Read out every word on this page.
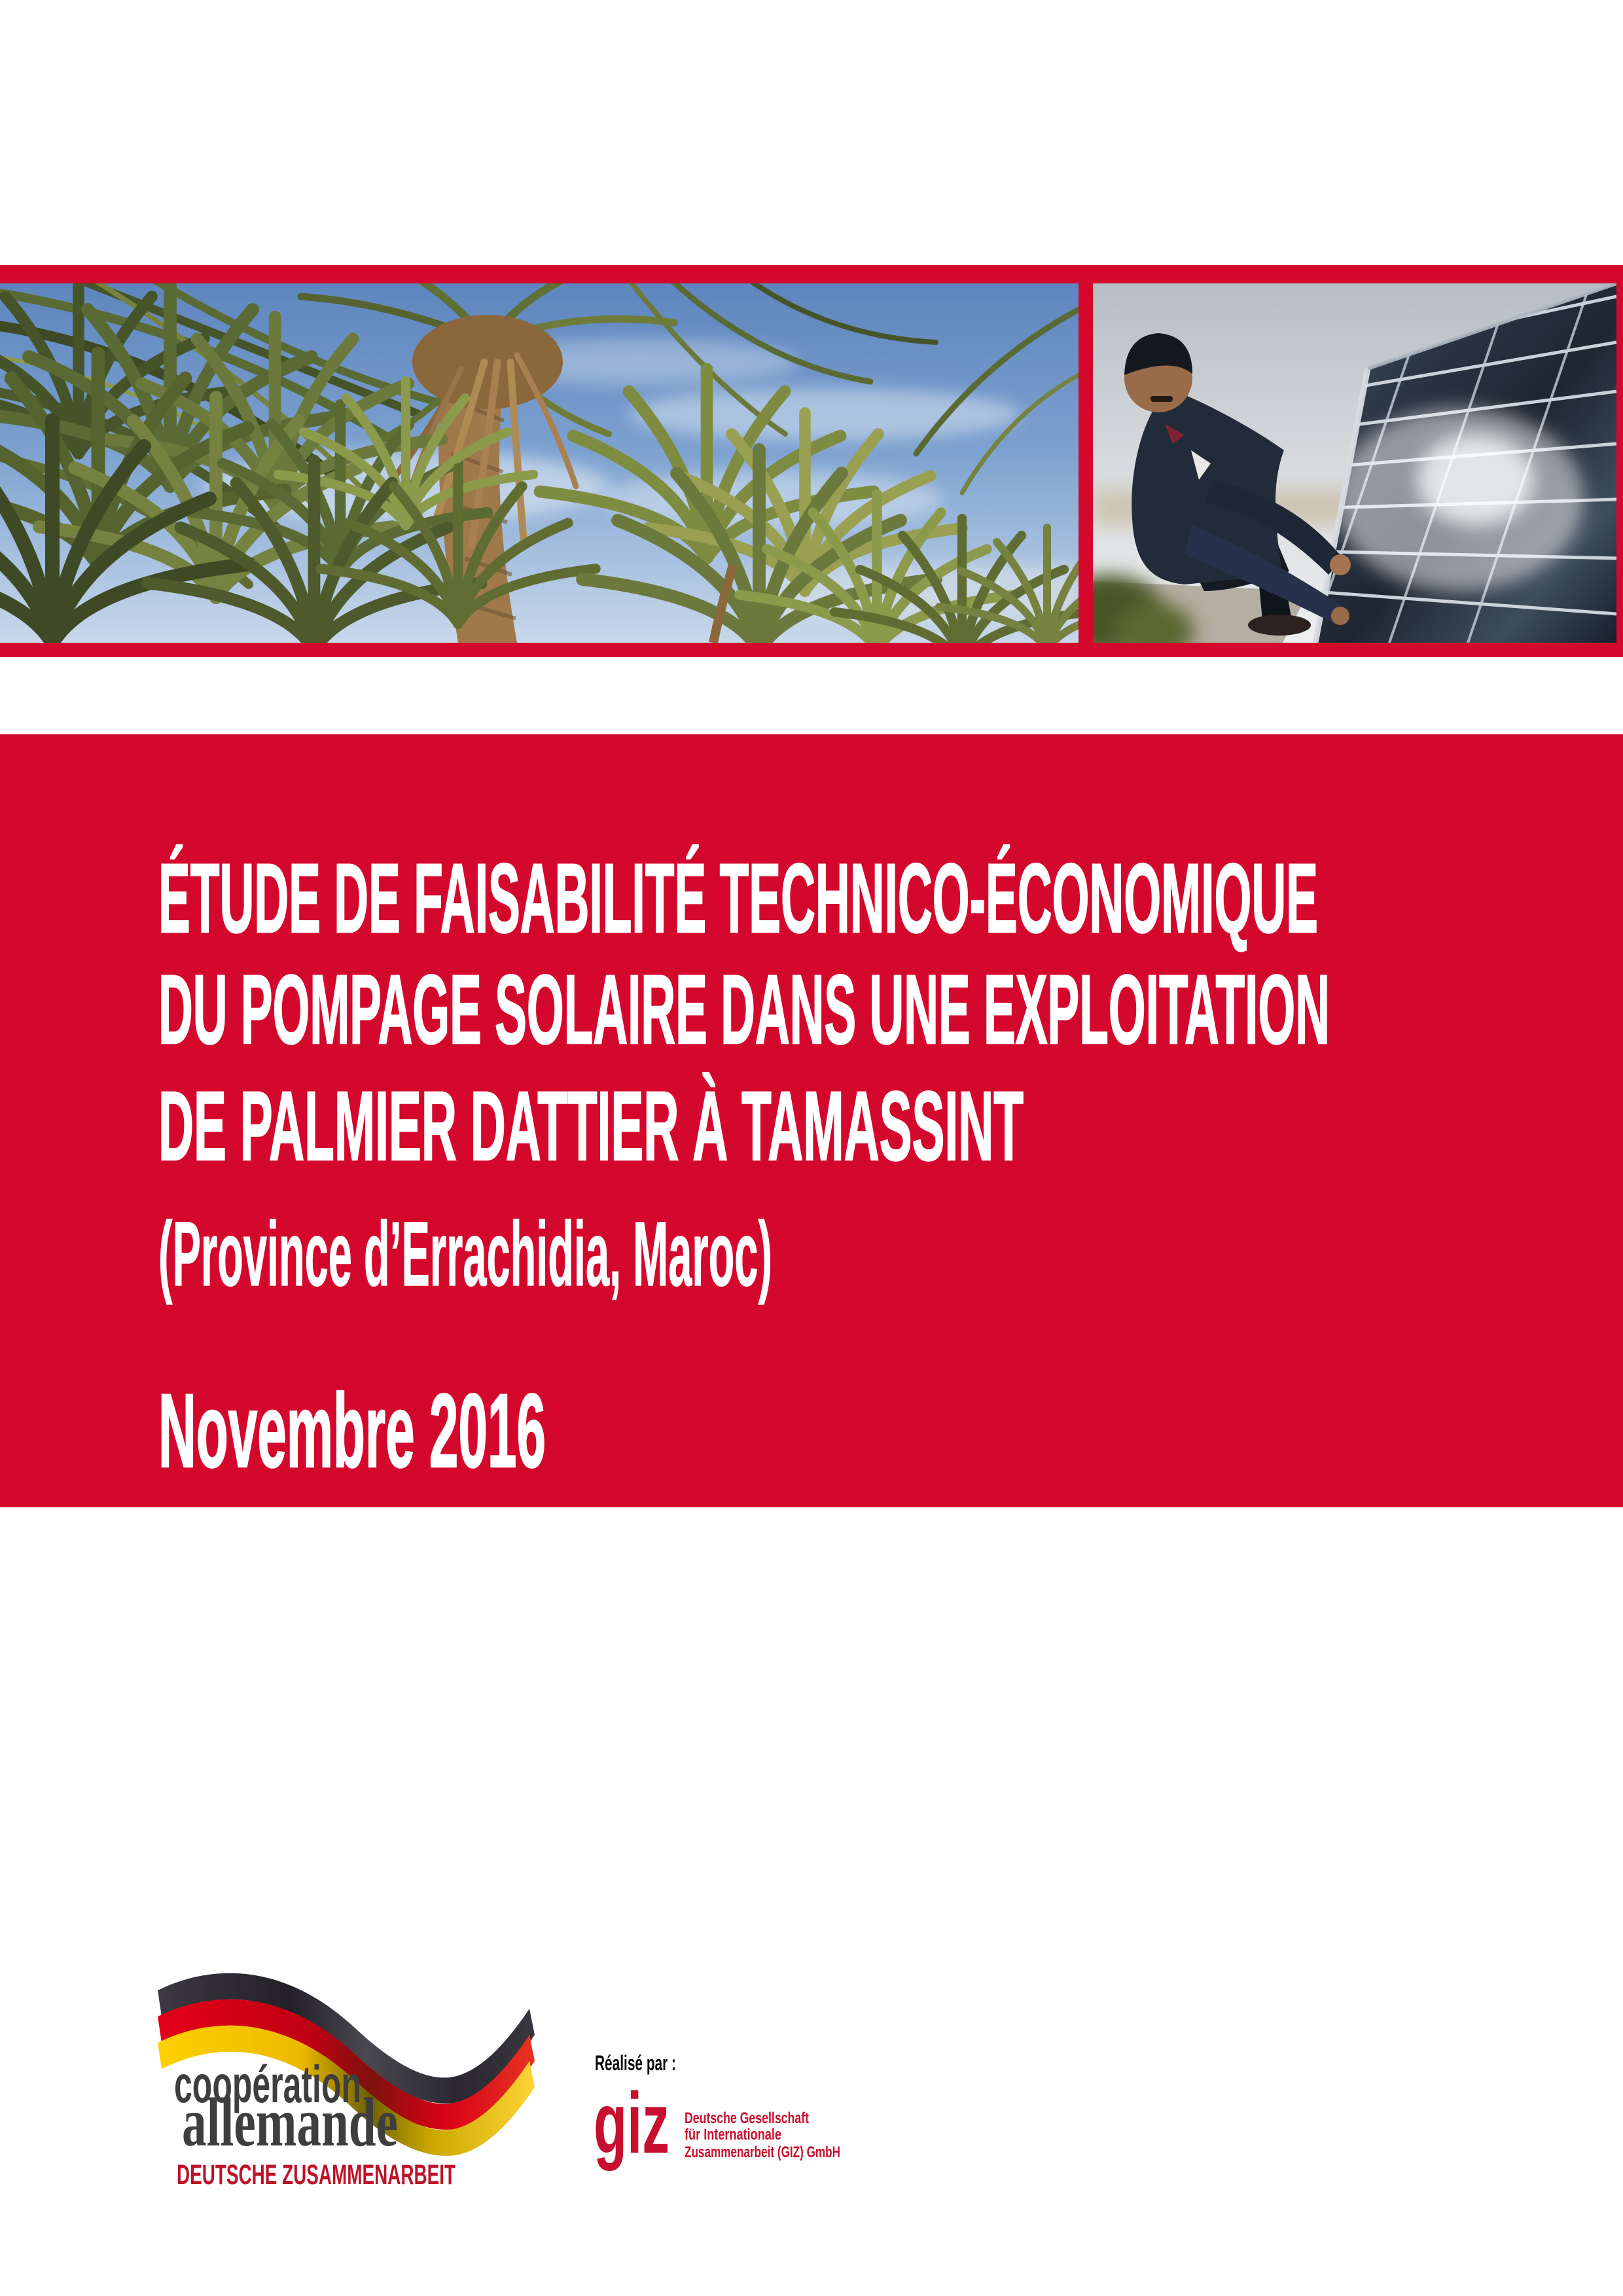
ÉTUDE DE FAISABILITÉ TECHNICO-ÉCONOMIQUE
DU POMPAGE SOLAIRE DANS UNE EXPLOITATION
DE PALMIER DATTIER À TAMASSINT
(Province d’Errachidia, Maroc)
Novembre 2016
coopération
allemande
DEUTSCHE ZUSAMMENARBEIT
Réalisé par :
giz Deutsche Gesellschaft
für Internationale
Zusammenarbeit (GIZ) GmbH
